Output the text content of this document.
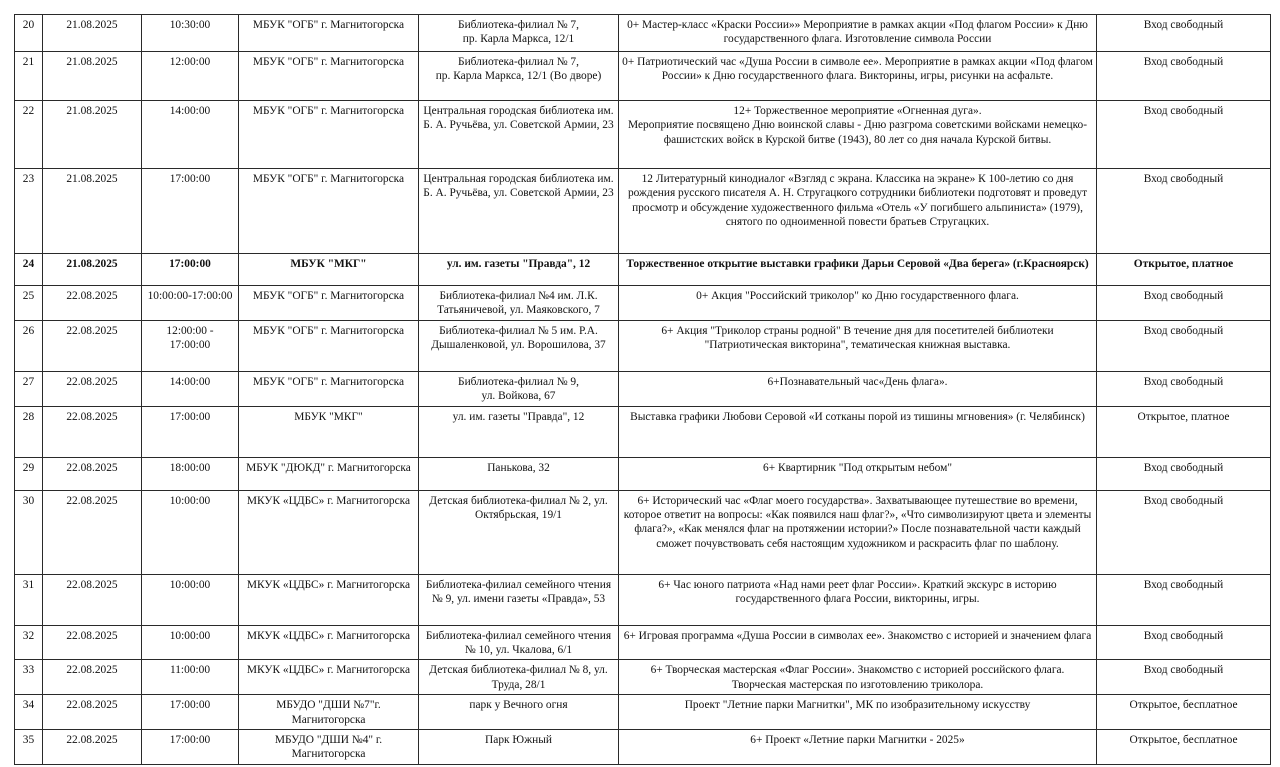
20	21.08.2025	10:30:00	МБУК "ОГБ" г. Магнитогорска	Библиотека-филиал № 7,
пр. Карла Маркса, 12/1	0+ Мастер-класс «Краски России»» Мероприятие в рамках акции «Под флагом России» к Дню государственного флага. Изготовление символа России	Вход свободный
21	21.08.2025	12:00:00	МБУК "ОГБ" г. Магнитогорска	Библиотека-филиал № 7,
пр. Карла Маркса, 12/1 (Во дворе)	0+ Патриотический час «Душа России в символе ее». Мероприятие в рамках акции «Под флагом России» к Дню государственного флага. Викторины, игры, рисунки на асфальте.	Вход свободный
22	21.08.2025	14:00:00	МБУК "ОГБ" г. Магнитогорска	Центральная городская библиотека им. Б. А. Ручьёва, ул. Советской Армии, 23	12+ Торжественное мероприятие «Огненная дуга».
Мероприятие посвящено Дню воинской славы - Дню разгрома советскими войсками немецко-фашистских войск в Курской битве (1943), 80 лет со дня начала Курской битвы.	Вход свободный
23	21.08.2025	17:00:00	МБУК "ОГБ" г. Магнитогорска	Центральная городская библиотека им. Б. А. Ручьёва, ул. Советской Армии, 23	12 Литературный кинодиалог «Взгляд с экрана. Классика на экране» К 100-летию со дня рождения русского писателя А. Н. Стругацкого сотрудники библиотеки подготовят и проведут просмотр и обсуждение художественного фильма «Отель «У погибшего альпиниста» (1979), снятого по одноименной повести братьев Стругацких.	Вход свободный
24	21.08.2025	17:00:00	МБУК "МКГ"	ул. им. газеты "Правда", 12	Торжественное открытие выставки графики Дарьи Серовой «Два берега» (г.Красноярск)	Открытое, платное
25	22.08.2025	10:00:00-17:00:00	МБУК "ОГБ" г. Магнитогорска	Библиотека-филиал №4 им. Л.К. Татьяничевой, ул. Маяковского, 7	0+ Акция "Российский триколор" ко Дню государственного флага.	Вход свободный
26	22.08.2025	12:00:00 -
17:00:00	МБУК "ОГБ" г. Магнитогорска	Библиотека-филиал № 5 им. Р.А. Дышаленковой, ул. Ворошилова, 37	6+ Акция "Триколор страны родной" В течение дня для посетителей библиотеки "Патриотическая викторина", тематическая книжная выставка.	Вход свободный
27	22.08.2025	14:00:00	МБУК "ОГБ" г. Магнитогорска	Библиотека-филиал № 9,
ул. Войкова, 67	6+Познавательный час«День флага».	Вход свободный
28	22.08.2025	17:00:00	МБУК "МКГ"	ул. им. газеты "Правда", 12	Выставка графики Любови Серовой «И сотканы порой из тишины мгновения» (г. Челябинск)	Открытое, платное
29	22.08.2025	18:00:00	МБУК "ДЮКД" г. Магнитогорска	Панькова, 32	6+ Квартирник "Под открытым небом"	Вход свободный
30	22.08.2025	10:00:00	МКУК «ЦДБС» г. Магнитогорска	Детская библиотека-филиал № 2, ул. Октябрьская, 19/1	6+ Исторический час «Флаг моего государства». Захватывающее путешествие во времени, которое ответит на вопросы: «Как появился наш флаг?», «Что символизируют цвета и элементы флага?», «Как менялся флаг на протяжении истории?» После познавательной части каждый сможет почувствовать себя настоящим художником и раскрасить флаг по шаблону.	Вход свободный
31	22.08.2025	10:00:00	МКУК «ЦДБС» г. Магнитогорска	Библиотека-филиал семейного чтения № 9, ул. имени газеты «Правда», 53	6+ Час юного патриота «Над нами реет флаг России». Краткий экскурс в историю государственного флага России, викторины, игры.	Вход свободный
32	22.08.2025	10:00:00	МКУК «ЦДБС» г. Магнитогорска	Библиотека-филиал семейного чтения № 10, ул. Чкалова, 6/1	6+ Игровая программа «Душа России в символах ее». Знакомство с историей и значением флага	Вход свободный
33	22.08.2025	11:00:00	МКУК «ЦДБС» г. Магнитогорска	Детская библиотека-филиал № 8, ул. Труда, 28/1	6+ Творческая мастерская «Флаг России». Знакомство с историей российского флага. Творческая мастерская по изготовлению триколора.	Вход свободный
34	22.08.2025	17:00:00	МБУДО "ДШИ №7"г. Магнитогорска	парк у Вечного огня	Проект "Летние парки Магнитки", МК по изобразительному искусству	Открытое, бесплатное
35	22.08.2025	17:00:00	МБУДО "ДШИ №4" г. Магнитогорска	Парк Южный	6+ Проект «Летние парки Магнитки - 2025»	Открытое, бесплатное
